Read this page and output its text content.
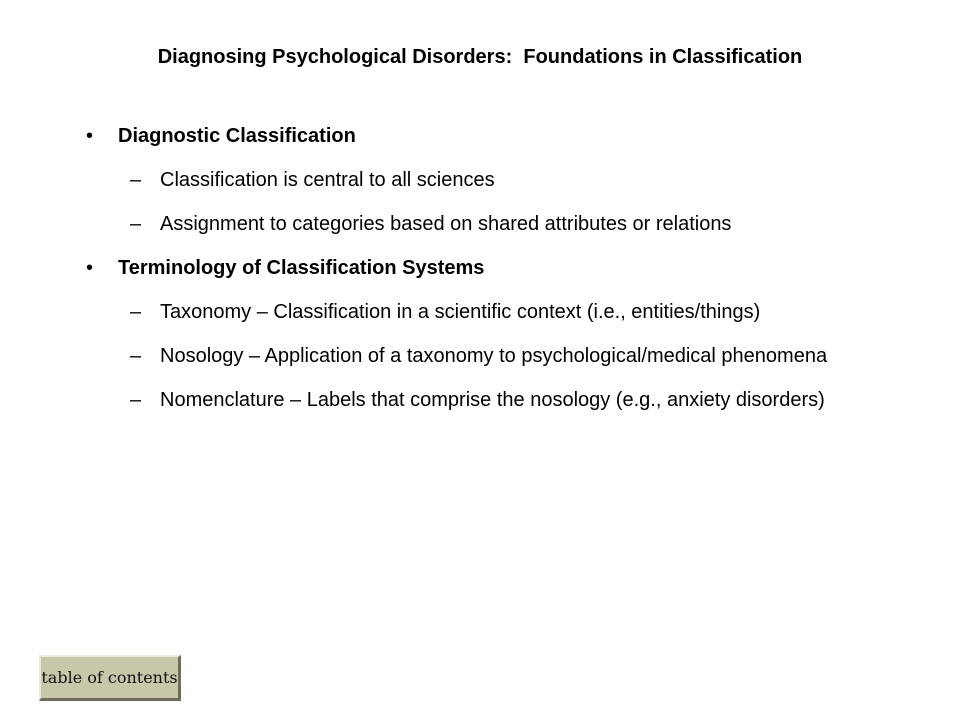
Diagnosing Psychological Disorders:  Foundations in Classification
• Diagnostic Classification
– Classification is central to all sciences
– Assignment to categories based on shared attributes or relations
• Terminology of Classification Systems
– Taxonomy – Classification in a scientific context (i.e., entities/things)
– Nosology – Application of a taxonomy to psychological/medical phenomena
– Nomenclature – Labels that comprise the nosology (e.g., anxiety disorders)
table of contents
